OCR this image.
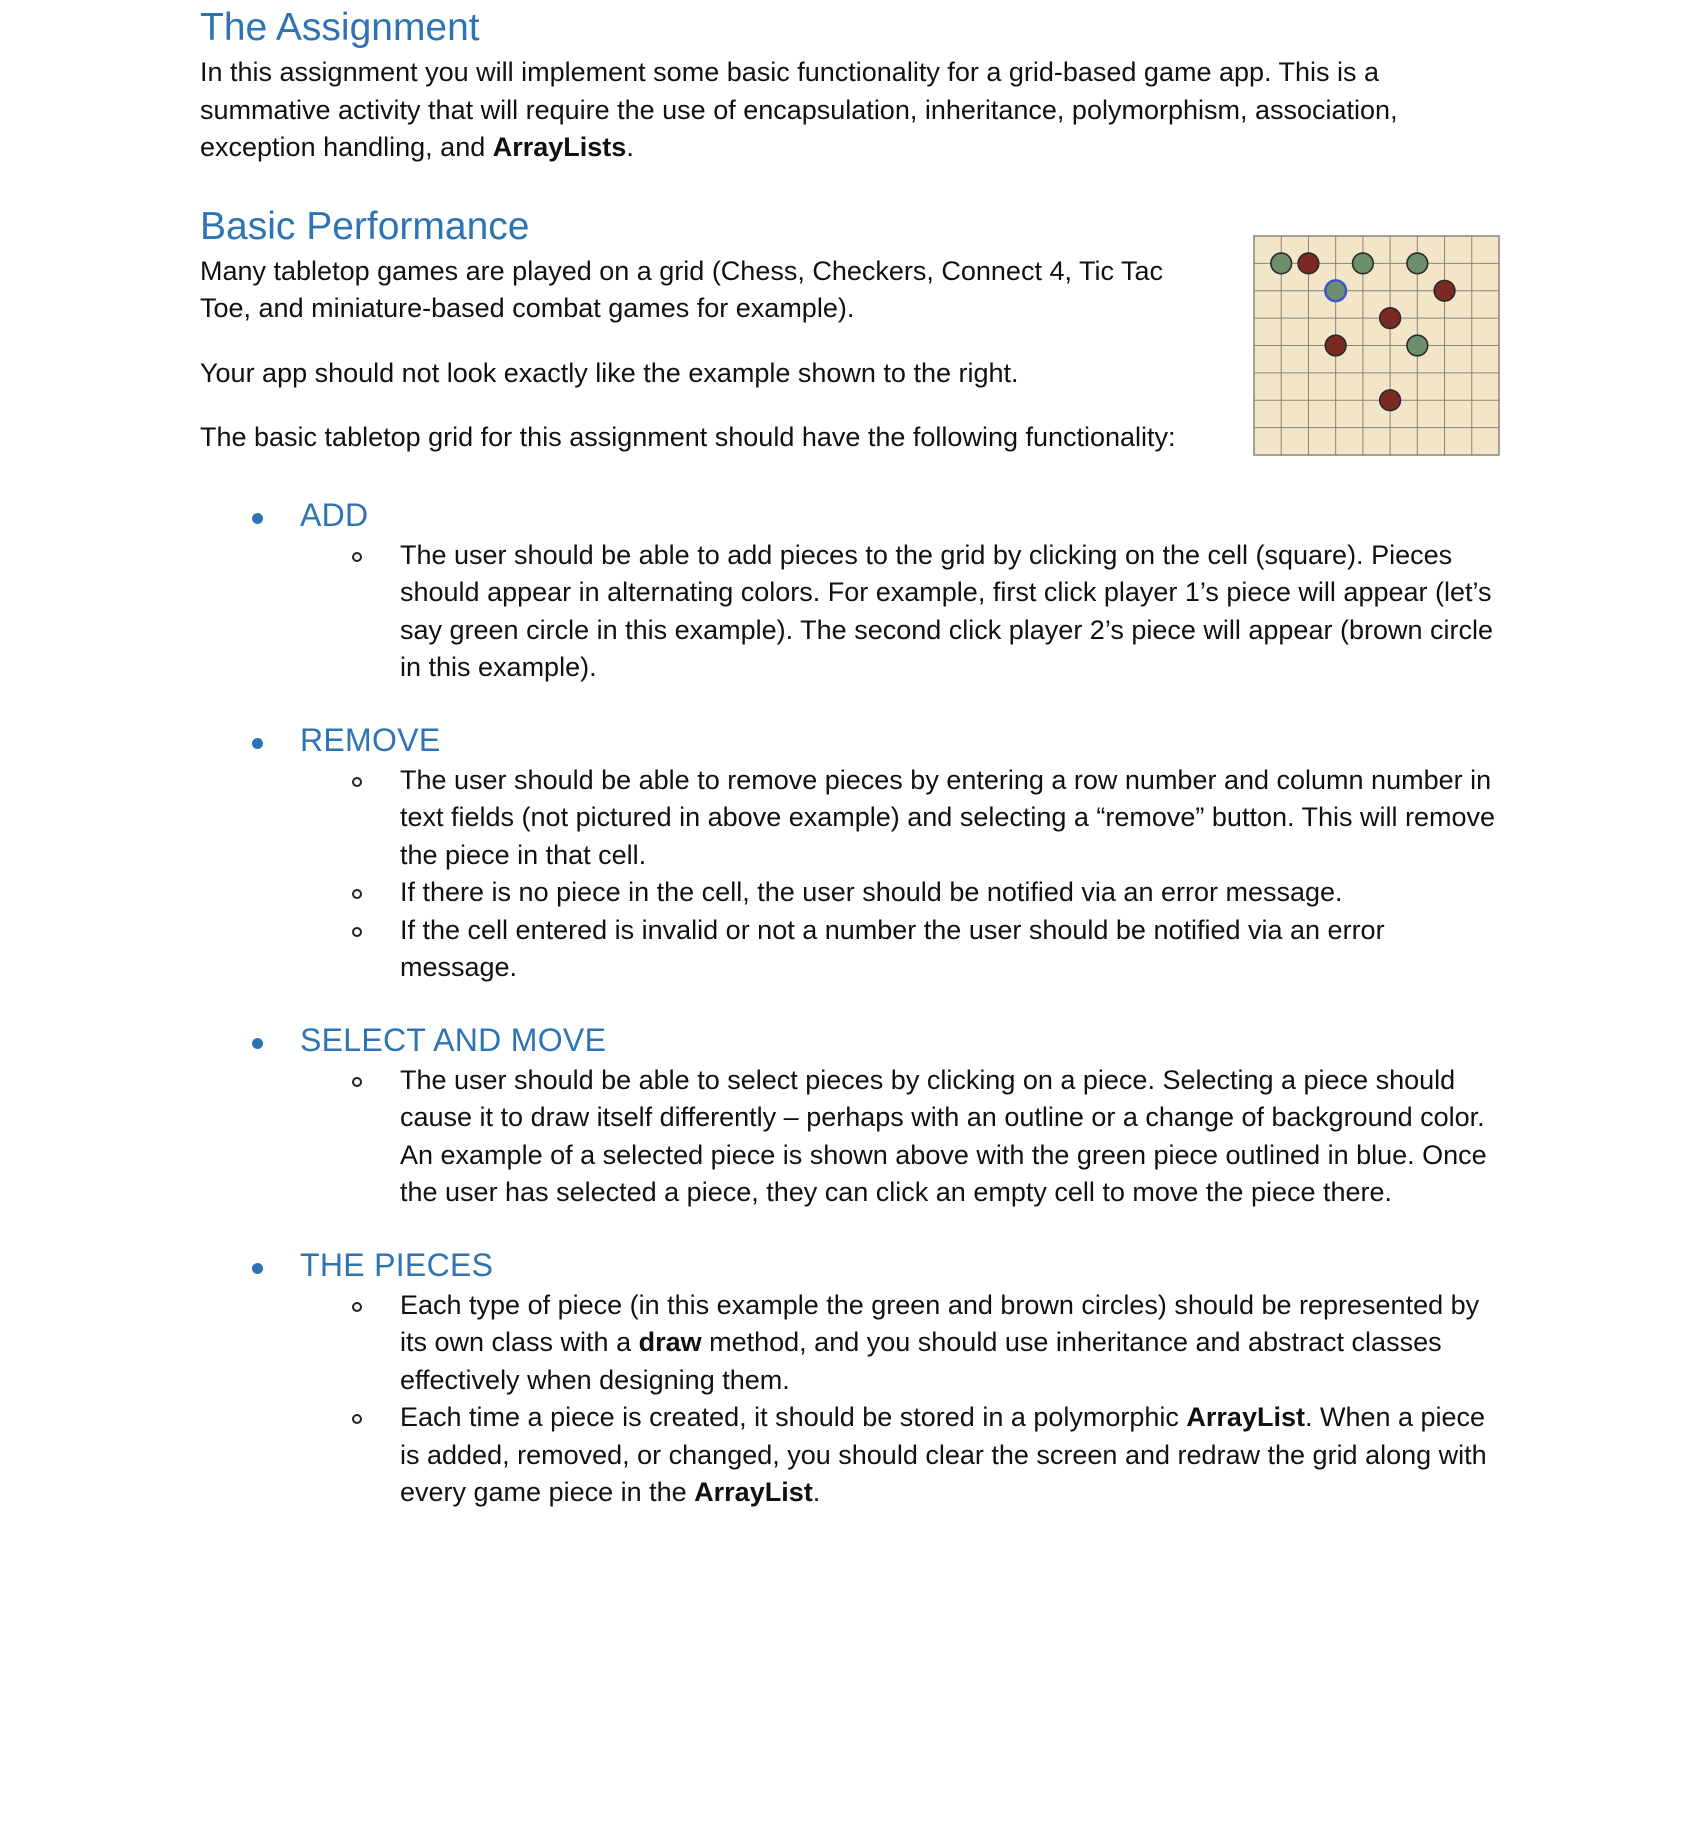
The Assignment

In this assignment you will implement some basic functionality for a grid-based game app. This is a summative activity that will require the use of encapsulation, inheritance, polymorphism, association, exception handling, and ArrayLists.

Basic Performance

Many tabletop games are played on a grid (Chess, Checkers, Connect 4, Tic Tac Toe, and miniature-based combat games for example).

Your app should not look exactly like the example shown to the right.

The basic tabletop grid for this assignment should have the following functionality:

ADD
The user should be able to add pieces to the grid by clicking on the cell (square). Pieces should appear in alternating colors. For example, first click player 1’s piece will appear (let’s say green circle in this example). The second click player 2’s piece will appear (brown circle in this example).
REMOVE
The user should be able to remove pieces by entering a row number and column number in text fields (not pictured in above example) and selecting a “remove” button. This will remove the piece in that cell.
If there is no piece in the cell, the user should be notified via an error message.
If the cell entered is invalid or not a number the user should be notified via an error message.
SELECT AND MOVE
The user should be able to select pieces by clicking on a piece. Selecting a piece should cause it to draw itself differently – perhaps with an outline or a change of background color. An example of a selected piece is shown above with the green piece outlined in blue. Once the user has selected a piece, they can click an empty cell to move the piece there.
THE PIECES
Each type of piece (in this example the green and brown circles) should be represented by its own class with a draw method, and you should use inheritance and abstract classes effectively when designing them.
Each time a piece is created, it should be stored in a polymorphic ArrayList. When a piece is added, removed, or changed, you should clear the screen and redraw the grid along with every game piece in the ArrayList.
